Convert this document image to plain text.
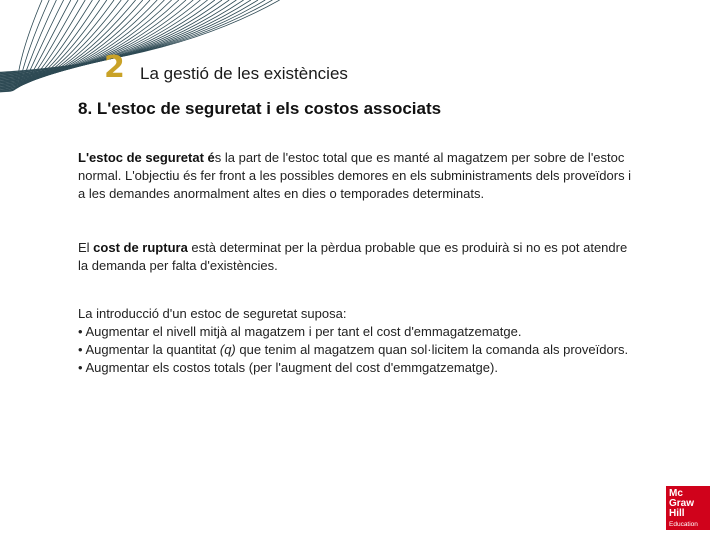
2 La gestió de les existències
8. L'estoc de seguretat i els costos associats
L'estoc de seguretat és la part de l'estoc total que es manté al magatzem per sobre de l'estoc normal. L'objectiu és fer front a les possibles demores en els subministraments dels proveïdors i a les demandes anormalment altes en dies o temporades determinats.
El cost de ruptura està determinat per la pèrdua probable que es produirà si no es pot atendre la demanda per falta d'existències.
La introducció d'un estoc de seguretat suposa:
• Augmentar el nivell mitjà al magatzem i per tant el cost d'emmagatzematge.
• Augmentar la quantitat (q) que tenim al magatzem quan sol·licitem la comanda als proveïdors.
• Augmentar els costos totals (per l'augment del cost d'emmgatzematge).
Mc
Graw
Hill
Education
